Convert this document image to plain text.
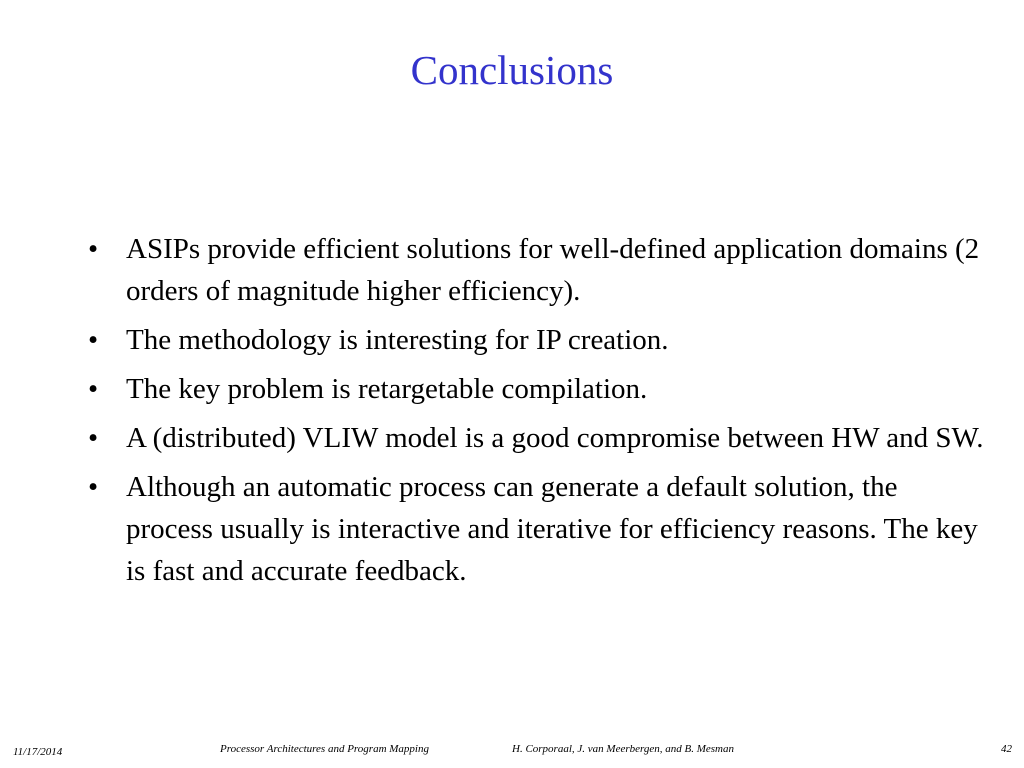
Conclusions
• ASIPs provide efficient solutions for well-defined application domains (2 orders of magnitude higher efficiency).
• The methodology is interesting for IP creation.
• The key problem is retargetable compilation.
• A (distributed) VLIW model is a good compromise between HW and SW.
• Although an automatic process can generate a default solution, the process usually is interactive and iterative for efficiency reasons. The key is fast and accurate feedback.
11/17/2014	Processor Architectures and Program Mapping	H. Corporaal, J. van Meerbergen, and B. Mesman	42
